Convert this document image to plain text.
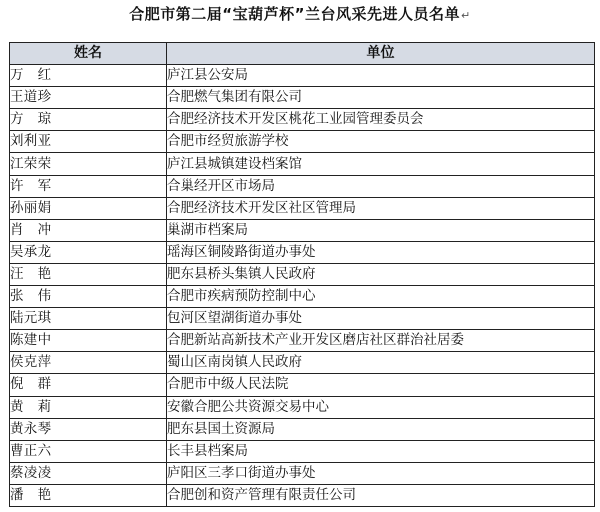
合肥市第二届“宝葫芦杯”兰台风采先进人员名单↵
姓名	单位
万　红	庐江县公安局
王道珍	合肥燃气集团有限公司
方　琼	合肥经济技术开发区桃花工业园管理委员会
刘利亚	合肥市经贸旅游学校
江荣荣	庐江县城镇建设档案馆
许　军	合巢经开区市场局
孙丽娟	合肥经济技术开发区社区管理局
肖　冲	巢湖市档案局
吴承龙	瑶海区铜陵路街道办事处
汪　艳	肥东县桥头集镇人民政府
张　伟	合肥市疾病预防控制中心
陆元琪	包河区望湖街道办事处
陈建中	合肥新站高新技术产业开发区磨店社区群治社居委
侯克萍	蜀山区南岗镇人民政府
倪　群	合肥市中级人民法院
黄　莉	安徽合肥公共资源交易中心
黄永琴	肥东县国土资源局
曹正六	长丰县档案局
蔡凌凌	庐阳区三孝口街道办事处
潘　艳	合肥创和资产管理有限责任公司
